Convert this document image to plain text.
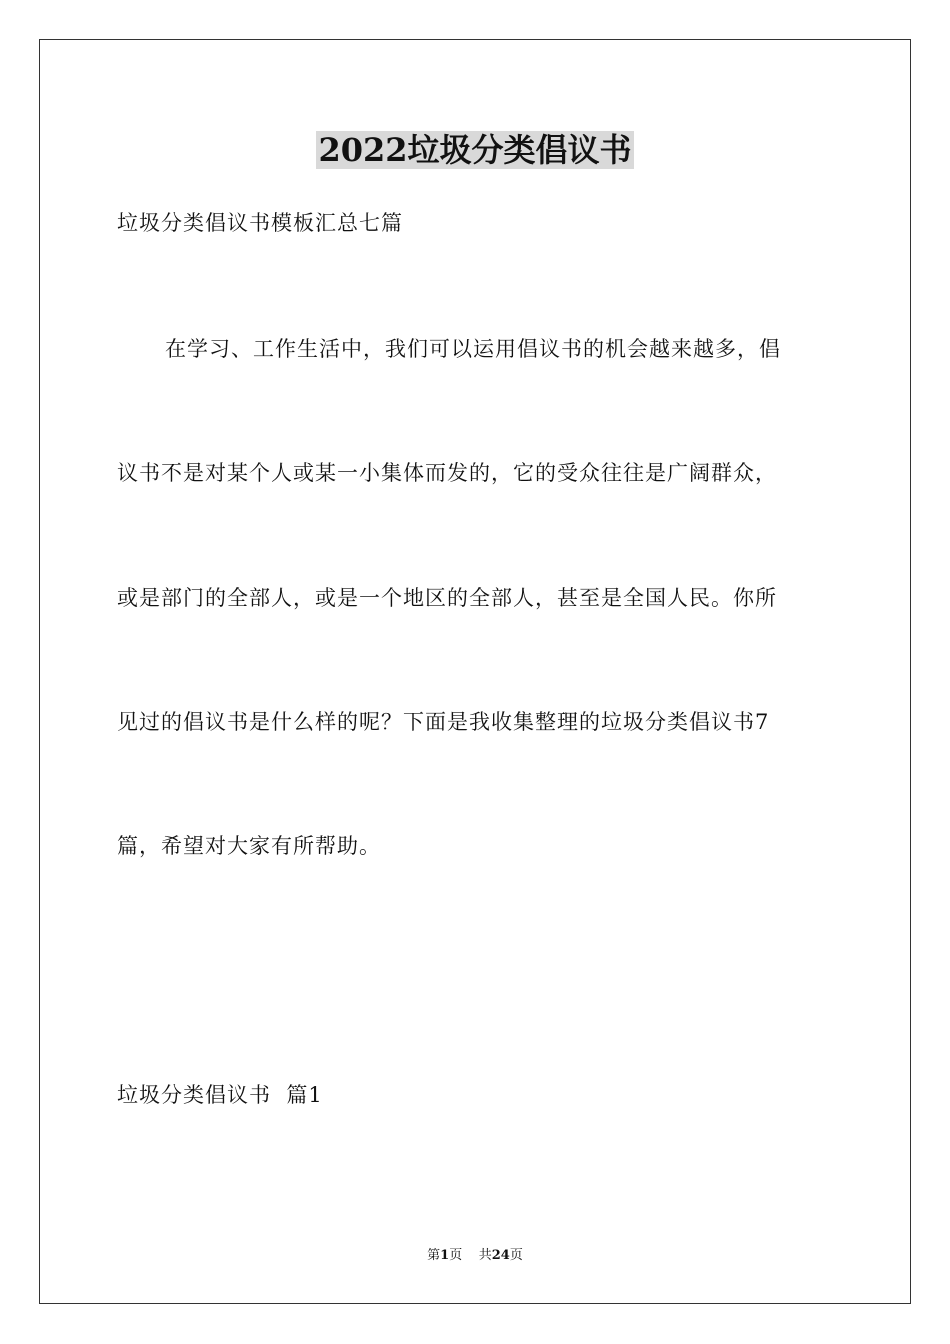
2022垃圾分类倡议书
垃圾分类倡议书模板汇总七篇
在学习、工作生活中，我们可以运用倡议书的机会越来越多，倡
议书不是对某个人或某一小集体而发的，它的受众往往是广阔群众，
或是部门的全部人，或是一个地区的全部人，甚至是全国人民。你所
见过的倡议书是什么样的呢？下面是我收集整理的垃圾分类倡议书7
篇，希望对大家有所帮助。
垃圾分类倡议书  篇1
第1页 共24页
